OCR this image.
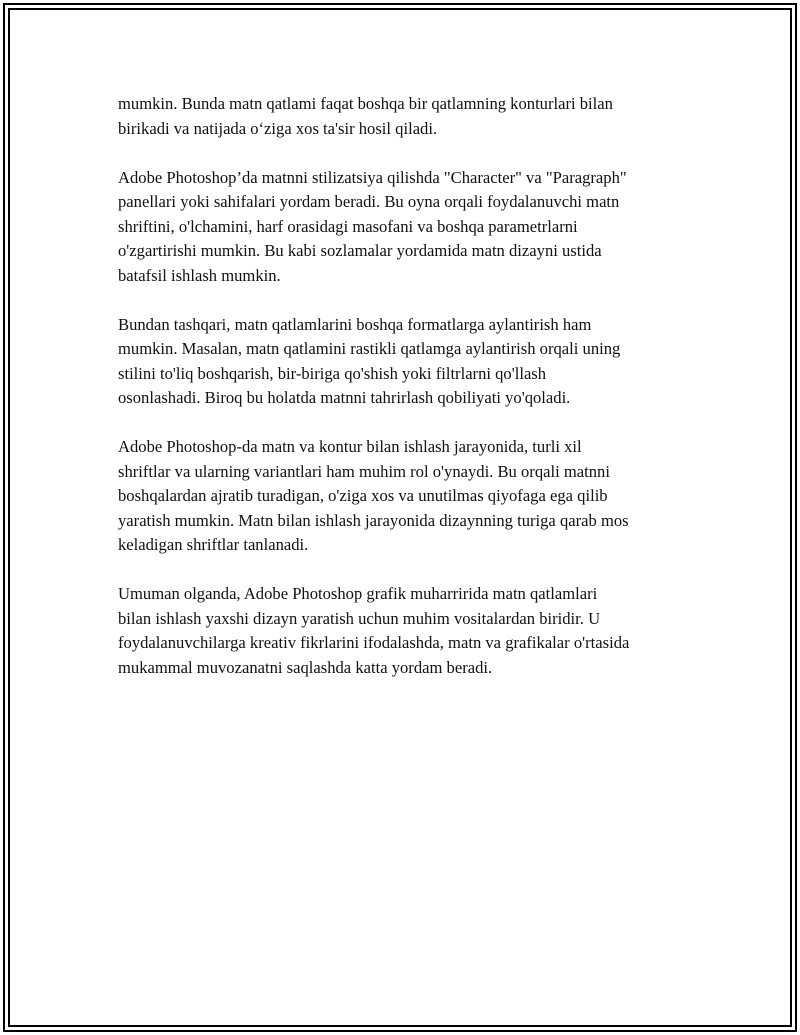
mumkin. Bunda matn qatlami faqat boshqa bir qatlamning konturlari bilan
birikadi va natijada o‘ziga xos ta'sir hosil qiladi.

Adobe Photoshop’da matnni stilizatsiya qilishda "Character" va "Paragraph"
panellari yoki sahifalari yordam beradi. Bu oyna orqali foydalanuvchi matn
shriftini, o'lchamini, harf orasidagi masofani va boshqa parametrlarni
o'zgartirishi mumkin. Bu kabi sozlamalar yordamida matn dizayni ustida
batafsil ishlash mumkin.

Bundan tashqari, matn qatlamlarini boshqa formatlarga aylantirish ham
mumkin. Masalan, matn qatlamini rastikli qatlamga aylantirish orqali uning
stilini to'liq boshqarish, bir-biriga qo'shish yoki filtrlarni qo'llash
osonlashadi. Biroq bu holatda matnni tahrirlash qobiliyati yo'qoladi.

Adobe Photoshop-da matn va kontur bilan ishlash jarayonida, turli xil
shriftlar va ularning variantlari ham muhim rol o'ynaydi. Bu orqali matnni
boshqalardan ajratib turadigan, o'ziga xos va unutilmas qiyofaga ega qilib
yaratish mumkin. Matn bilan ishlash jarayonida dizaynning turiga qarab mos
keladigan shriftlar tanlanadi.

Umuman olganda, Adobe Photoshop grafik muharririda matn qatlamlari
bilan ishlash yaxshi dizayn yaratish uchun muhim vositalardan biridir. U
foydalanuvchilarga kreativ fikrlarini ifodalashda, matn va grafikalar o'rtasida
mukammal muvozanatni saqlashda katta yordam beradi.
